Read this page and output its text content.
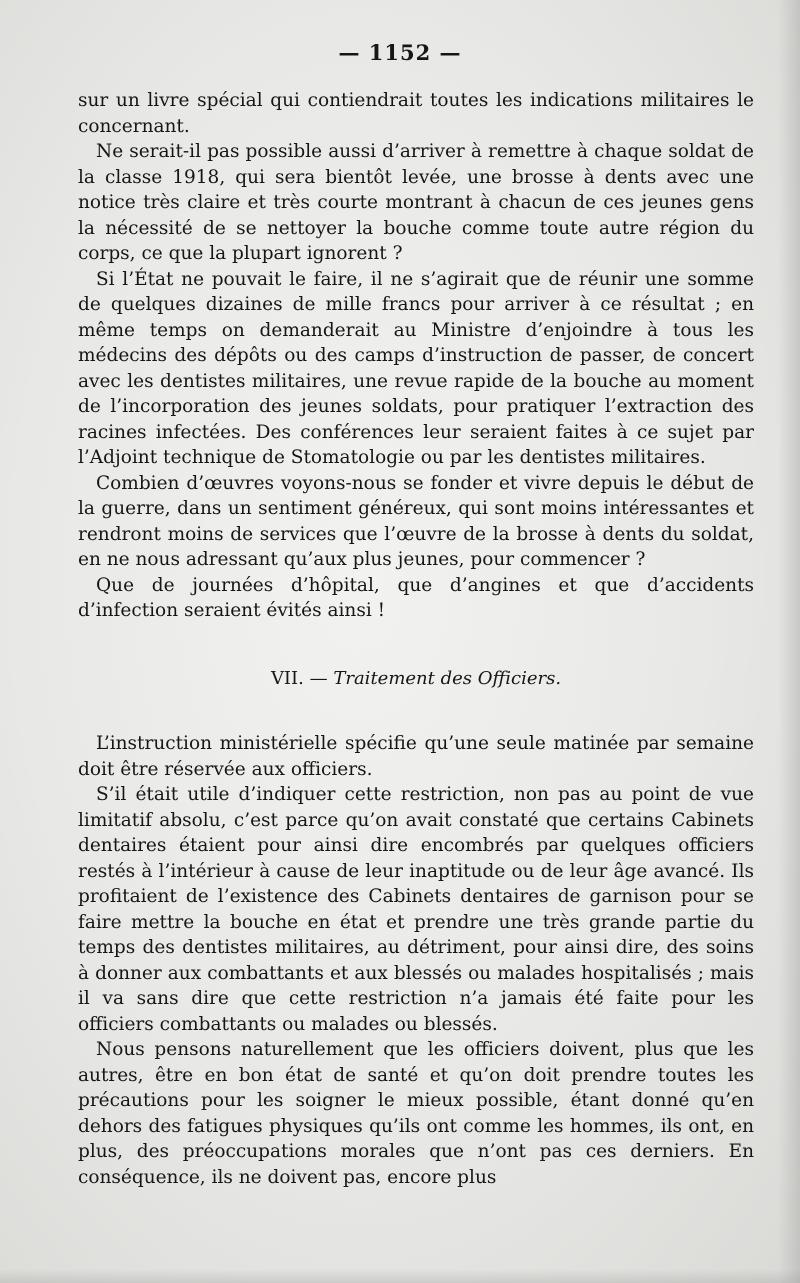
— 1152 —

sur un livre spécial qui contiendrait toutes les indications militaires le concernant.

Ne serait-il pas possible aussi d’arriver à remettre à chaque soldat de la classe 1918, qui sera bientôt levée, une brosse à dents avec une notice très claire et très courte montrant à chacun de ces jeunes gens la nécessité de se nettoyer la bouche comme toute autre région du corps, ce que la plupart ignorent ?

Si l’État ne pouvait le faire, il ne s’agirait que de réunir une somme de quelques dizaines de mille francs pour arriver à ce résultat ; en même temps on demanderait au Ministre d’enjoindre à tous les médecins des dépôts ou des camps d’instruction de passer, de concert avec les dentistes militaires, une revue rapide de la bouche au moment de l’incorporation des jeunes soldats, pour pratiquer l’extraction des racines infectées. Des conférences leur seraient faites à ce sujet par l’Adjoint technique de Stomatologie ou par les dentistes militaires.

Combien d’œuvres voyons-nous se fonder et vivre depuis le début de la guerre, dans un sentiment généreux, qui sont moins intéressantes et rendront moins de services que l’œuvre de la brosse à dents du soldat, en ne nous adressant qu’aux plus jeunes, pour commencer ?

Que de journées d’hôpital, que d’angines et que d’accidents d’infection seraient évités ainsi !

VII. — Traitement des Officiers.

L’instruction ministérielle spécifie qu’une seule matinée par semaine doit être réservée aux officiers.

S’il était utile d’indiquer cette restriction, non pas au point de vue limitatif absolu, c’est parce qu’on avait constaté que certains Cabinets dentaires étaient pour ainsi dire encombrés par quelques officiers restés à l’intérieur à cause de leur inaptitude ou de leur âge avancé. Ils profitaient de l’existence des Cabinets dentaires de garnison pour se faire mettre la bouche en état et prendre une très grande partie du temps des dentistes militaires, au détriment, pour ainsi dire, des soins à donner aux combattants et aux blessés ou malades hospitalisés ; mais il va sans dire que cette restriction n’a jamais été faite pour les officiers combattants ou malades ou blessés.

Nous pensons naturellement que les officiers doivent, plus que les autres, être en bon état de santé et qu’on doit prendre toutes les précautions pour les soigner le mieux possible, étant donné qu’en dehors des fatigues physiques qu’ils ont comme les hommes, ils ont, en plus, des préoccupations morales que n’ont pas ces derniers. En conséquence, ils ne doivent pas, encore plus
